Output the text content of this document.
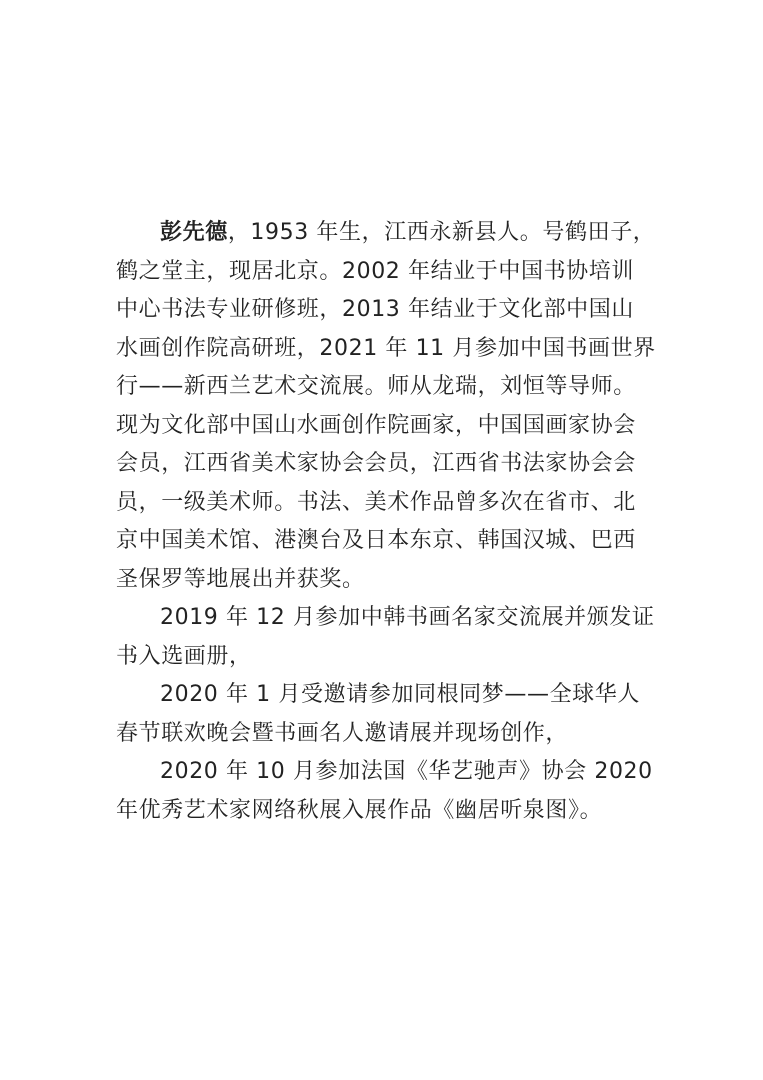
彭先德，1953 年生，江西永新县人。号鹤田子，
鹤之堂主，现居北京。2002 年结业于中国书协培训
中心书法专业研修班，2013 年结业于文化部中国山
水画创作院高研班，2021 年 11 月参加中国书画世界
行——新西兰艺术交流展。师从龙瑞，刘恒等导师。
现为文化部中国山水画创作院画家，中国国画家协会
会员，江西省美术家协会会员，江西省书法家协会会
员，一级美术师。书法、美术作品曾多次在省市、北
京中国美术馆、港澳台及日本东京、韩国汉城、巴西
圣保罗等地展出并获奖。
2019 年 12 月参加中韩书画名家交流展并颁发证
书入选画册，
2020 年 1 月受邀请参加同根同梦——全球华人
春节联欢晚会暨书画名人邀请展并现场创作，
2020 年 10 月参加法国《华艺驰声》协会 2020
年优秀艺术家网络秋展入展作品《幽居听泉图》。
